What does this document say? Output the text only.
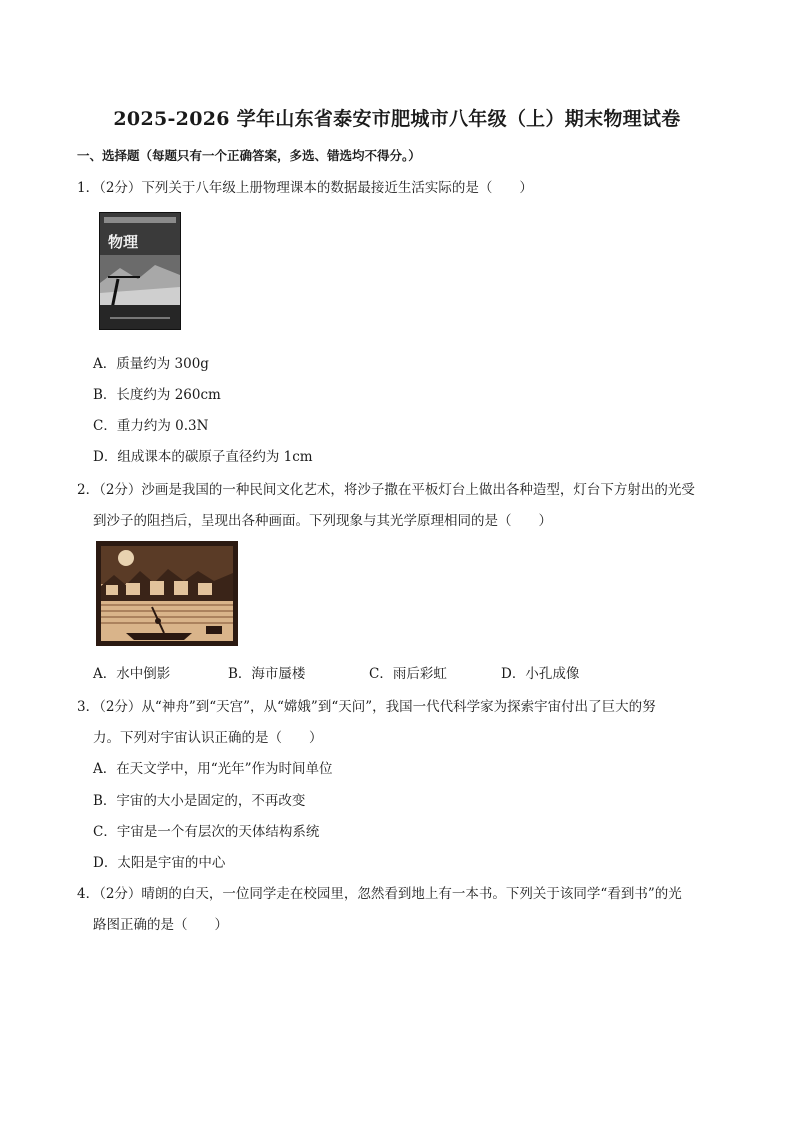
2025-2026 学年山东省泰安市肥城市八年级（上）期末物理试卷
一、选择题（每题只有一个正确答案，多选、错选均不得分。）
1．（2分）下列关于八年级上册物理课本的数据最接近生活实际的是（　　）
物理
A．质量约为 300g
B．长度约为 260cm
C．重力约为 0.3N
D．组成课本的碳原子直径约为 1cm
2．（2分）沙画是我国的一种民间文化艺术，将沙子撒在平板灯台上做出各种造型，灯台下方射出的光受
到沙子的阻挡后，呈现出各种画面。下列现象与其光学原理相同的是（　　）
A．水中倒影	B．海市蜃楼	C．雨后彩虹	D．小孔成像
3．（2分）从“神舟”到“天宫”，从“嫦娥”到“天问”，我国一代代科学家为探索宇宙付出了巨大的努
力。下列对宇宙认识正确的是（　　）
A．在天文学中，用“光年”作为时间单位
B．宇宙的大小是固定的，不再改变
C．宇宙是一个有层次的天体结构系统
D．太阳是宇宙的中心
4．（2分）晴朗的白天，一位同学走在校园里，忽然看到地上有一本书。下列关于该同学“看到书”的光
路图正确的是（　　）
